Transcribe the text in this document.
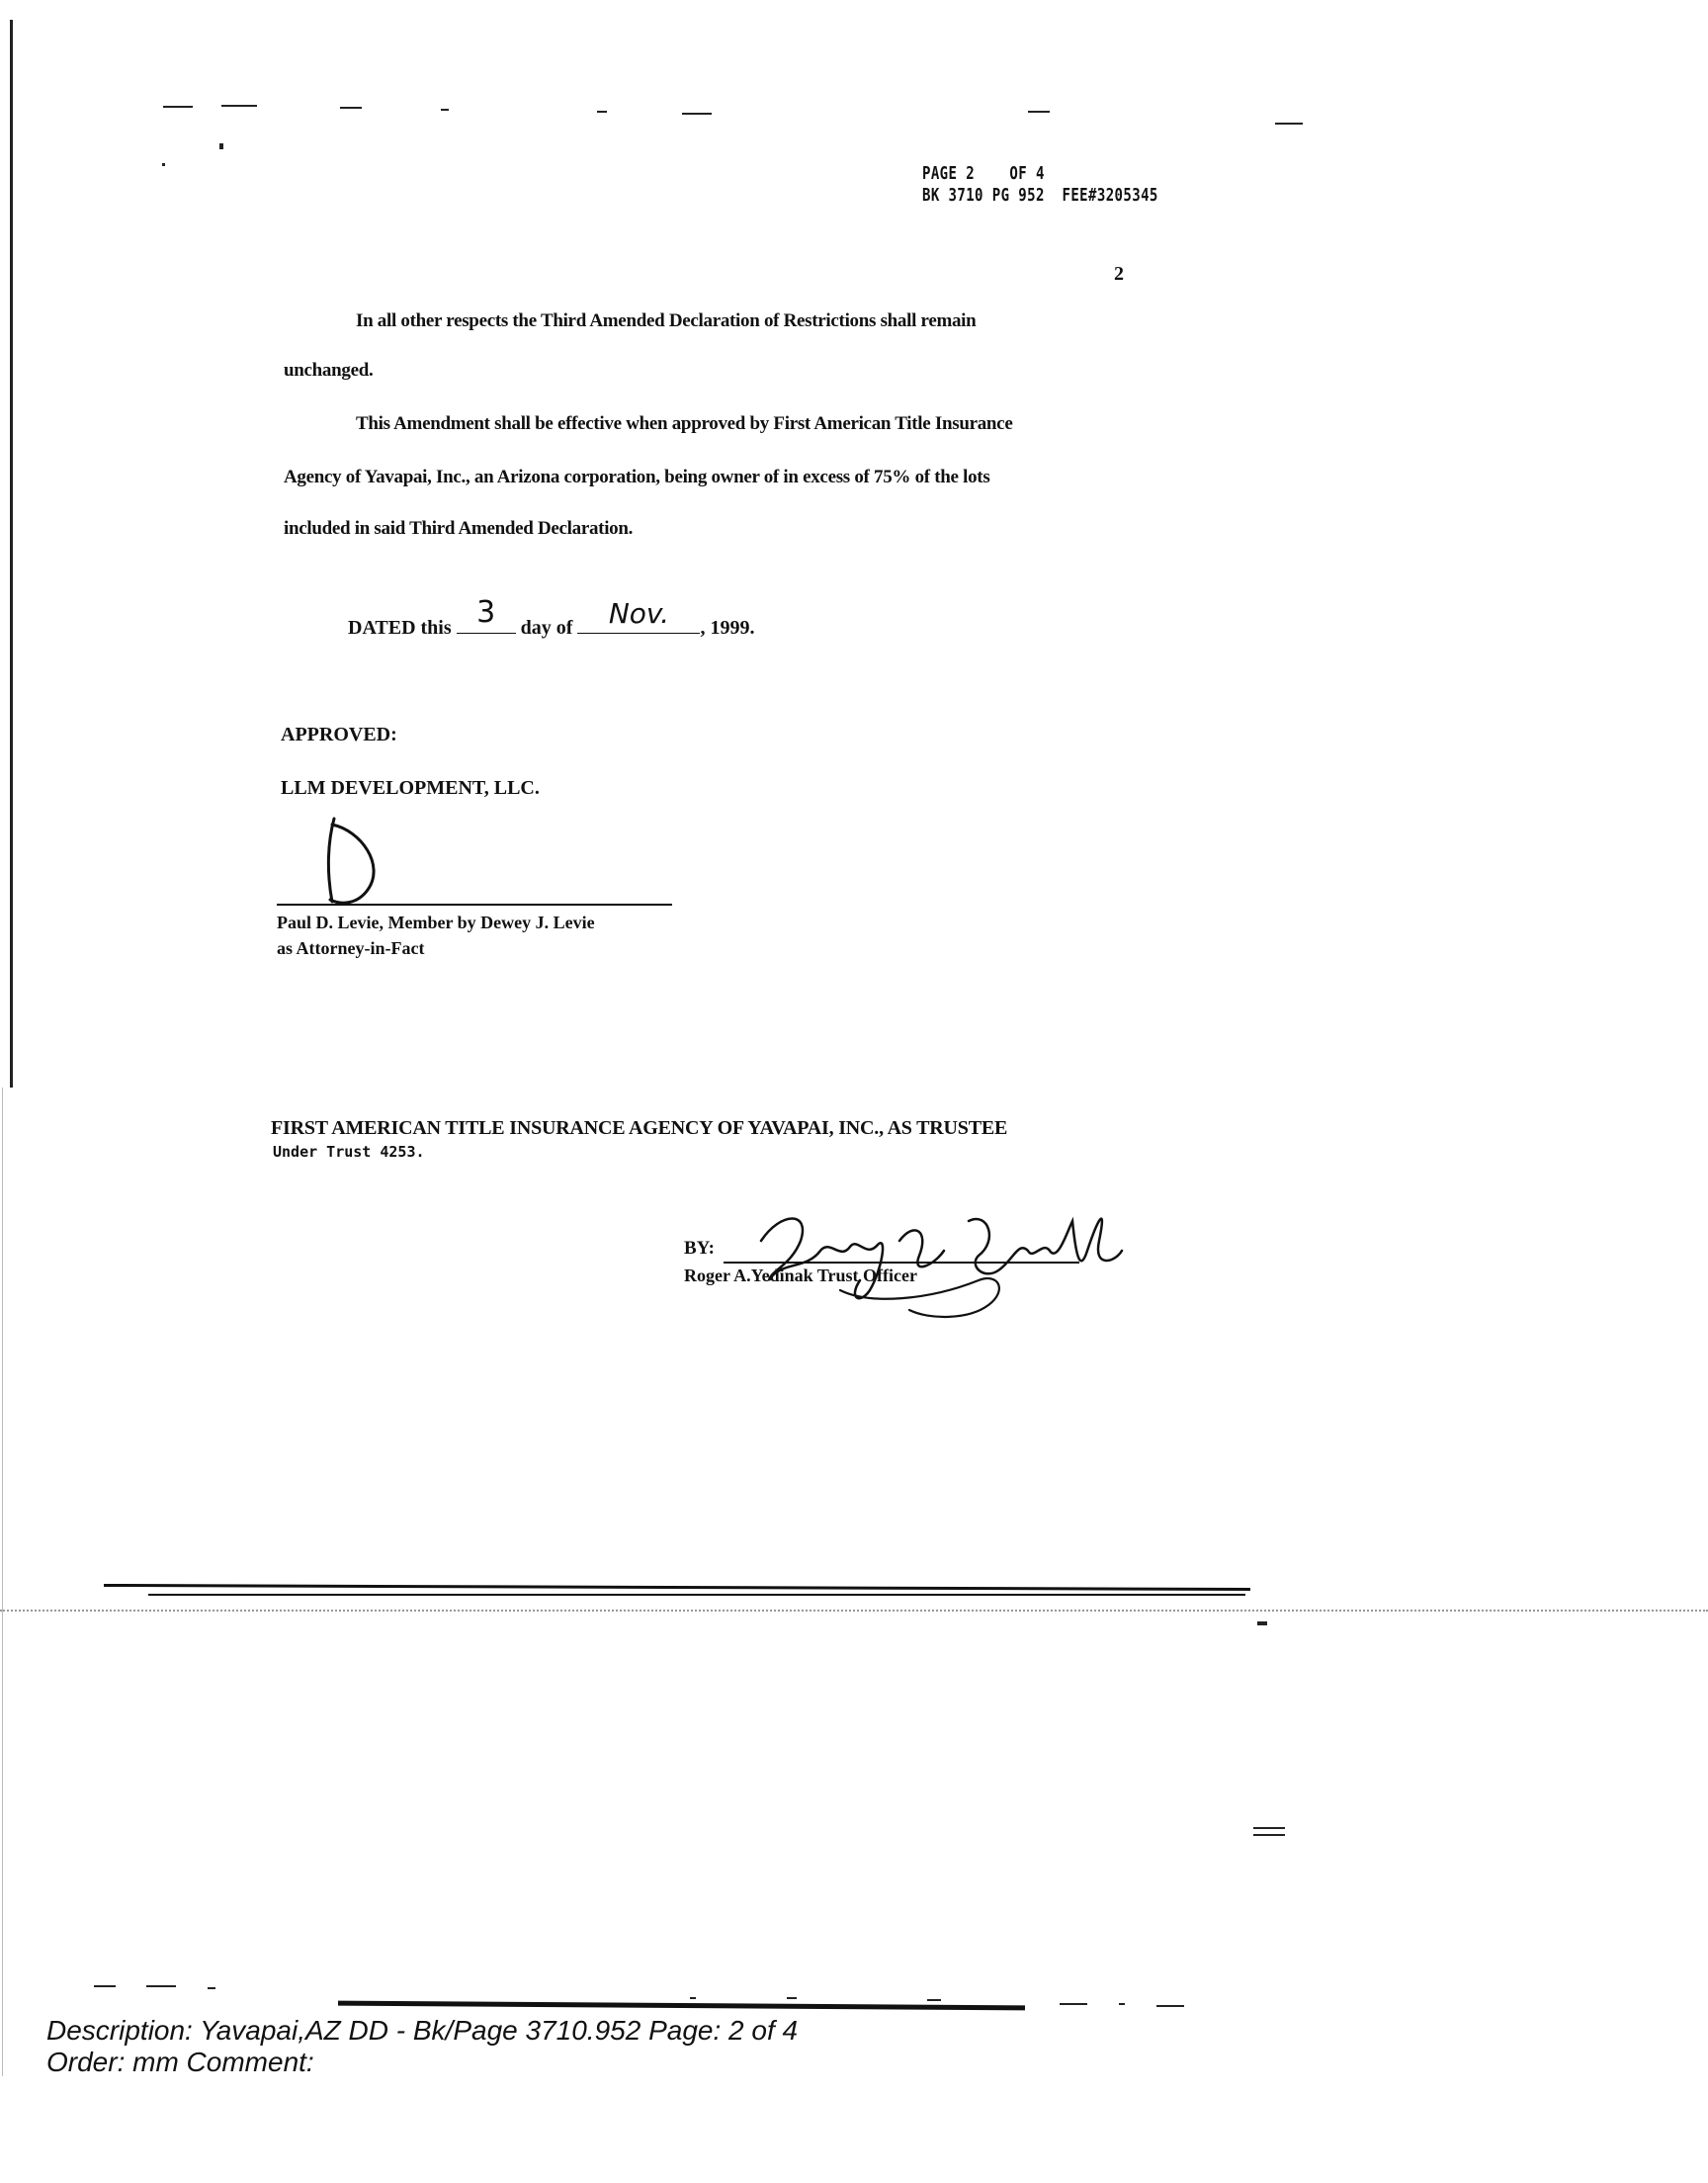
PAGE 2    OF 4
BK 3710 PG 952  FEE#3205345
2
In all other respects the Third Amended Declaration of Restrictions shall remain
unchanged.
This Amendment shall be effective when approved by First American Title Insurance
Agency of Yavapai, Inc., an Arizona corporation, being owner of in excess of 75% of the lots
included in said Third Amended Declaration.
DATED this 3	day of	Nov.	, 1999.
APPROVED:
LLM DEVELOPMENT, LLC.
Paul D. Levie, Member by Dewey J. Levie
as Attorney-in-Fact
FIRST AMERICAN TITLE INSURANCE AGENCY OF YAVAPAI, INC., AS TRUSTEE
Under Trust 4253.
BY:
Roger A.Yedinak Trust Officer
Description: Yavapai,AZ DD - Bk/Page 3710.952 Page: 2 of 4
Order: mm Comment:
